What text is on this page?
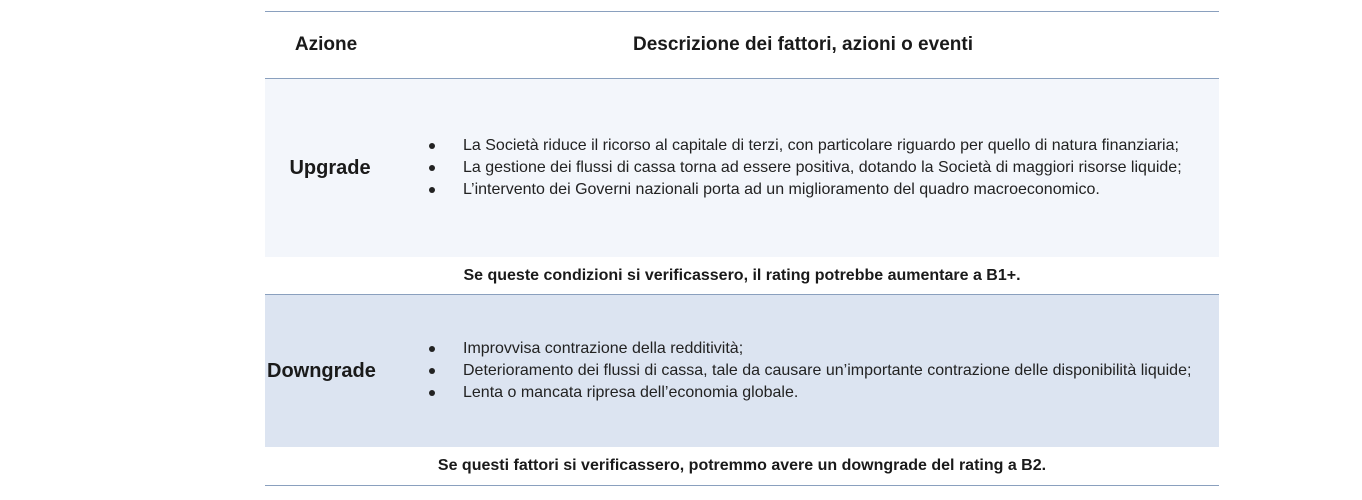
Azione	Descrizione dei fattori, azioni o eventi
Upgrade
La Società riduce il ricorso al capitale di terzi, con particolare riguardo per quello di natura finanziaria;
La gestione dei flussi di cassa torna ad essere positiva, dotando la Società di maggiori risorse liquide;
L’intervento dei Governi nazionali porta ad un miglioramento del quadro macroeconomico.
Se queste condizioni si verificassero, il rating potrebbe aumentare a B1+.
Downgrade
Improvvisa contrazione della redditività;
Deterioramento dei flussi di cassa, tale da causare un’importante contrazione delle disponibilità liquide;
Lenta o mancata ripresa dell’economia globale.
Se questi fattori si verificassero, potremmo avere un downgrade del rating a B2.
